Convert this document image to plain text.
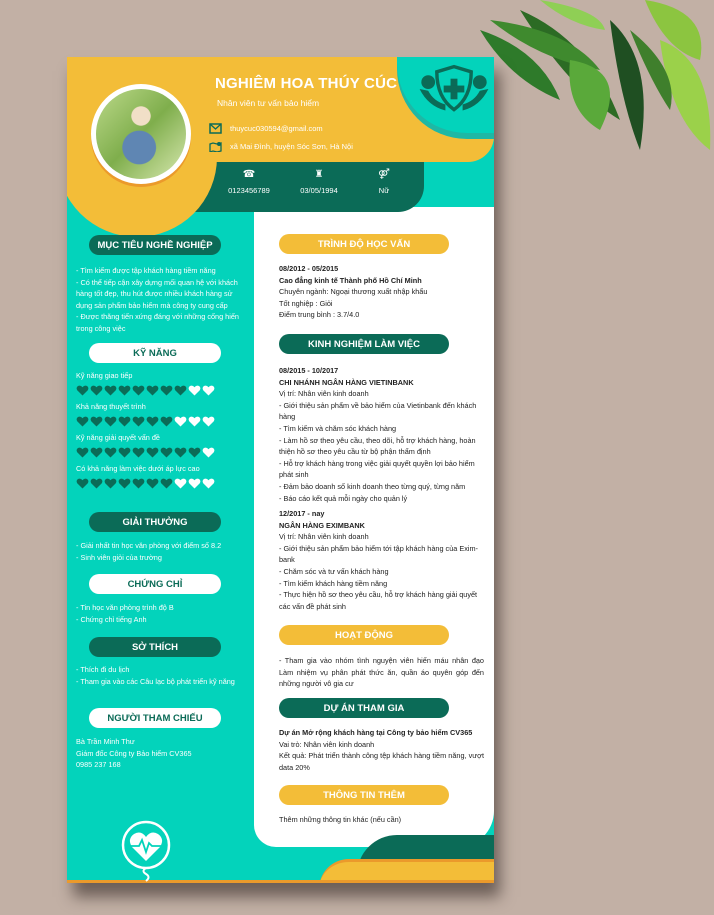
NGHIÊM HOA THÚY CÚC
Nhân viên tư vấn bảo hiểm
thuycuc030594@gmail.com
xã Mai Đình, huyện Sóc Sơn, Hà Nội
☎
0123456789
♜
03/05/1994
⚤
Nữ
MỤC TIÊU NGHỀ NGHIỆP
- Tìm kiếm được tập khách hàng tiềm năng
- Có thể tiếp cận xây dựng mối quan hệ với khách hàng tốt đẹp, thu hút được nhiều khách hàng sử dụng sản phẩm bảo hiểm mà công ty cung cấp
- Được thăng tiến xứng đáng với những cống hiến trong công việc
KỸ NĂNG
Kỹ năng giao tiếp
Khả năng thuyết trình
Kỹ năng giải quyết vấn đề
Có khả năng làm việc dưới áp lực cao
GIẢI THƯỞNG
- Giải nhất tin học văn phòng với điểm số 8.2
- Sinh viên giỏi của trường
CHỨNG CHỈ
- Tin học văn phòng trình độ B
- Chứng chỉ tiếng Anh
SỞ THÍCH
- Thích đi du lịch
- Tham gia vào các Câu lạc bộ phát triển kỹ năng
NGƯỜI THAM CHIẾU
Bà Trần Minh Thư
Giám đốc Công ty Bảo hiểm CV365
0985 237 168
TRÌNH ĐỘ HỌC VẤN
08/2012 - 05/2015
Cao đẳng kinh tế Thành phố Hồ Chí Minh
Chuyên ngành: Ngoại thương xuất nhập khẩu
Tốt nghiệp : Giỏi
Điểm trung bình : 3.7/4.0
KINH NGHIỆM LÀM VIỆC
08/2015 - 10/2017
CHI NHÁNH NGÂN HÀNG VIETINBANK
Vị trí: Nhân viên kinh doanh
- Giới thiệu sản phẩm về bảo hiểm của Vietinbank đến khách hàng
- Tìm kiếm và chăm sóc khách hàng
- Làm hồ sơ theo yêu cầu, theo dõi, hỗ trợ khách hàng, hoàn thiện hồ sơ theo yêu cầu từ bộ phận thẩm định
- Hỗ trợ khách hàng trong việc giải quyết quyền lợi bảo hiểm phát sinh
- Đảm bảo doanh số kinh doanh theo từng quý, từng năm
- Báo cáo kết quả mỗi ngày cho quản lý
12/2017 - nay
NGÂN HÀNG EXIMBANK
Vị trí: Nhân viên kinh doanh
- Giới thiệu sản phẩm bảo hiểm tới tập khách hàng của Exim-bank
- Chăm sóc và tư vấn khách hàng
- Tìm kiếm khách hàng tiềm năng
- Thực hiện hồ sơ theo yêu cầu, hỗ trợ khách hàng giải quyết các vấn đề phát sinh
HOẠT ĐỘNG
- Tham gia vào nhóm tình nguyện viên hiến máu nhân đạo Làm nhiệm vụ phân phát thức ăn, quần áo quyên góp đến những người vô gia cư
DỰ ÁN THAM GIA
Dự án Mở rộng khách hàng tại Công ty bảo hiểm CV365
Vai trò: Nhân viên kinh doanh
Kết quả: Phát triển thành công tệp khách hàng tiềm năng, vượt data 20%
THÔNG TIN THÊM
Thêm những thông tin khác (nếu cần)
